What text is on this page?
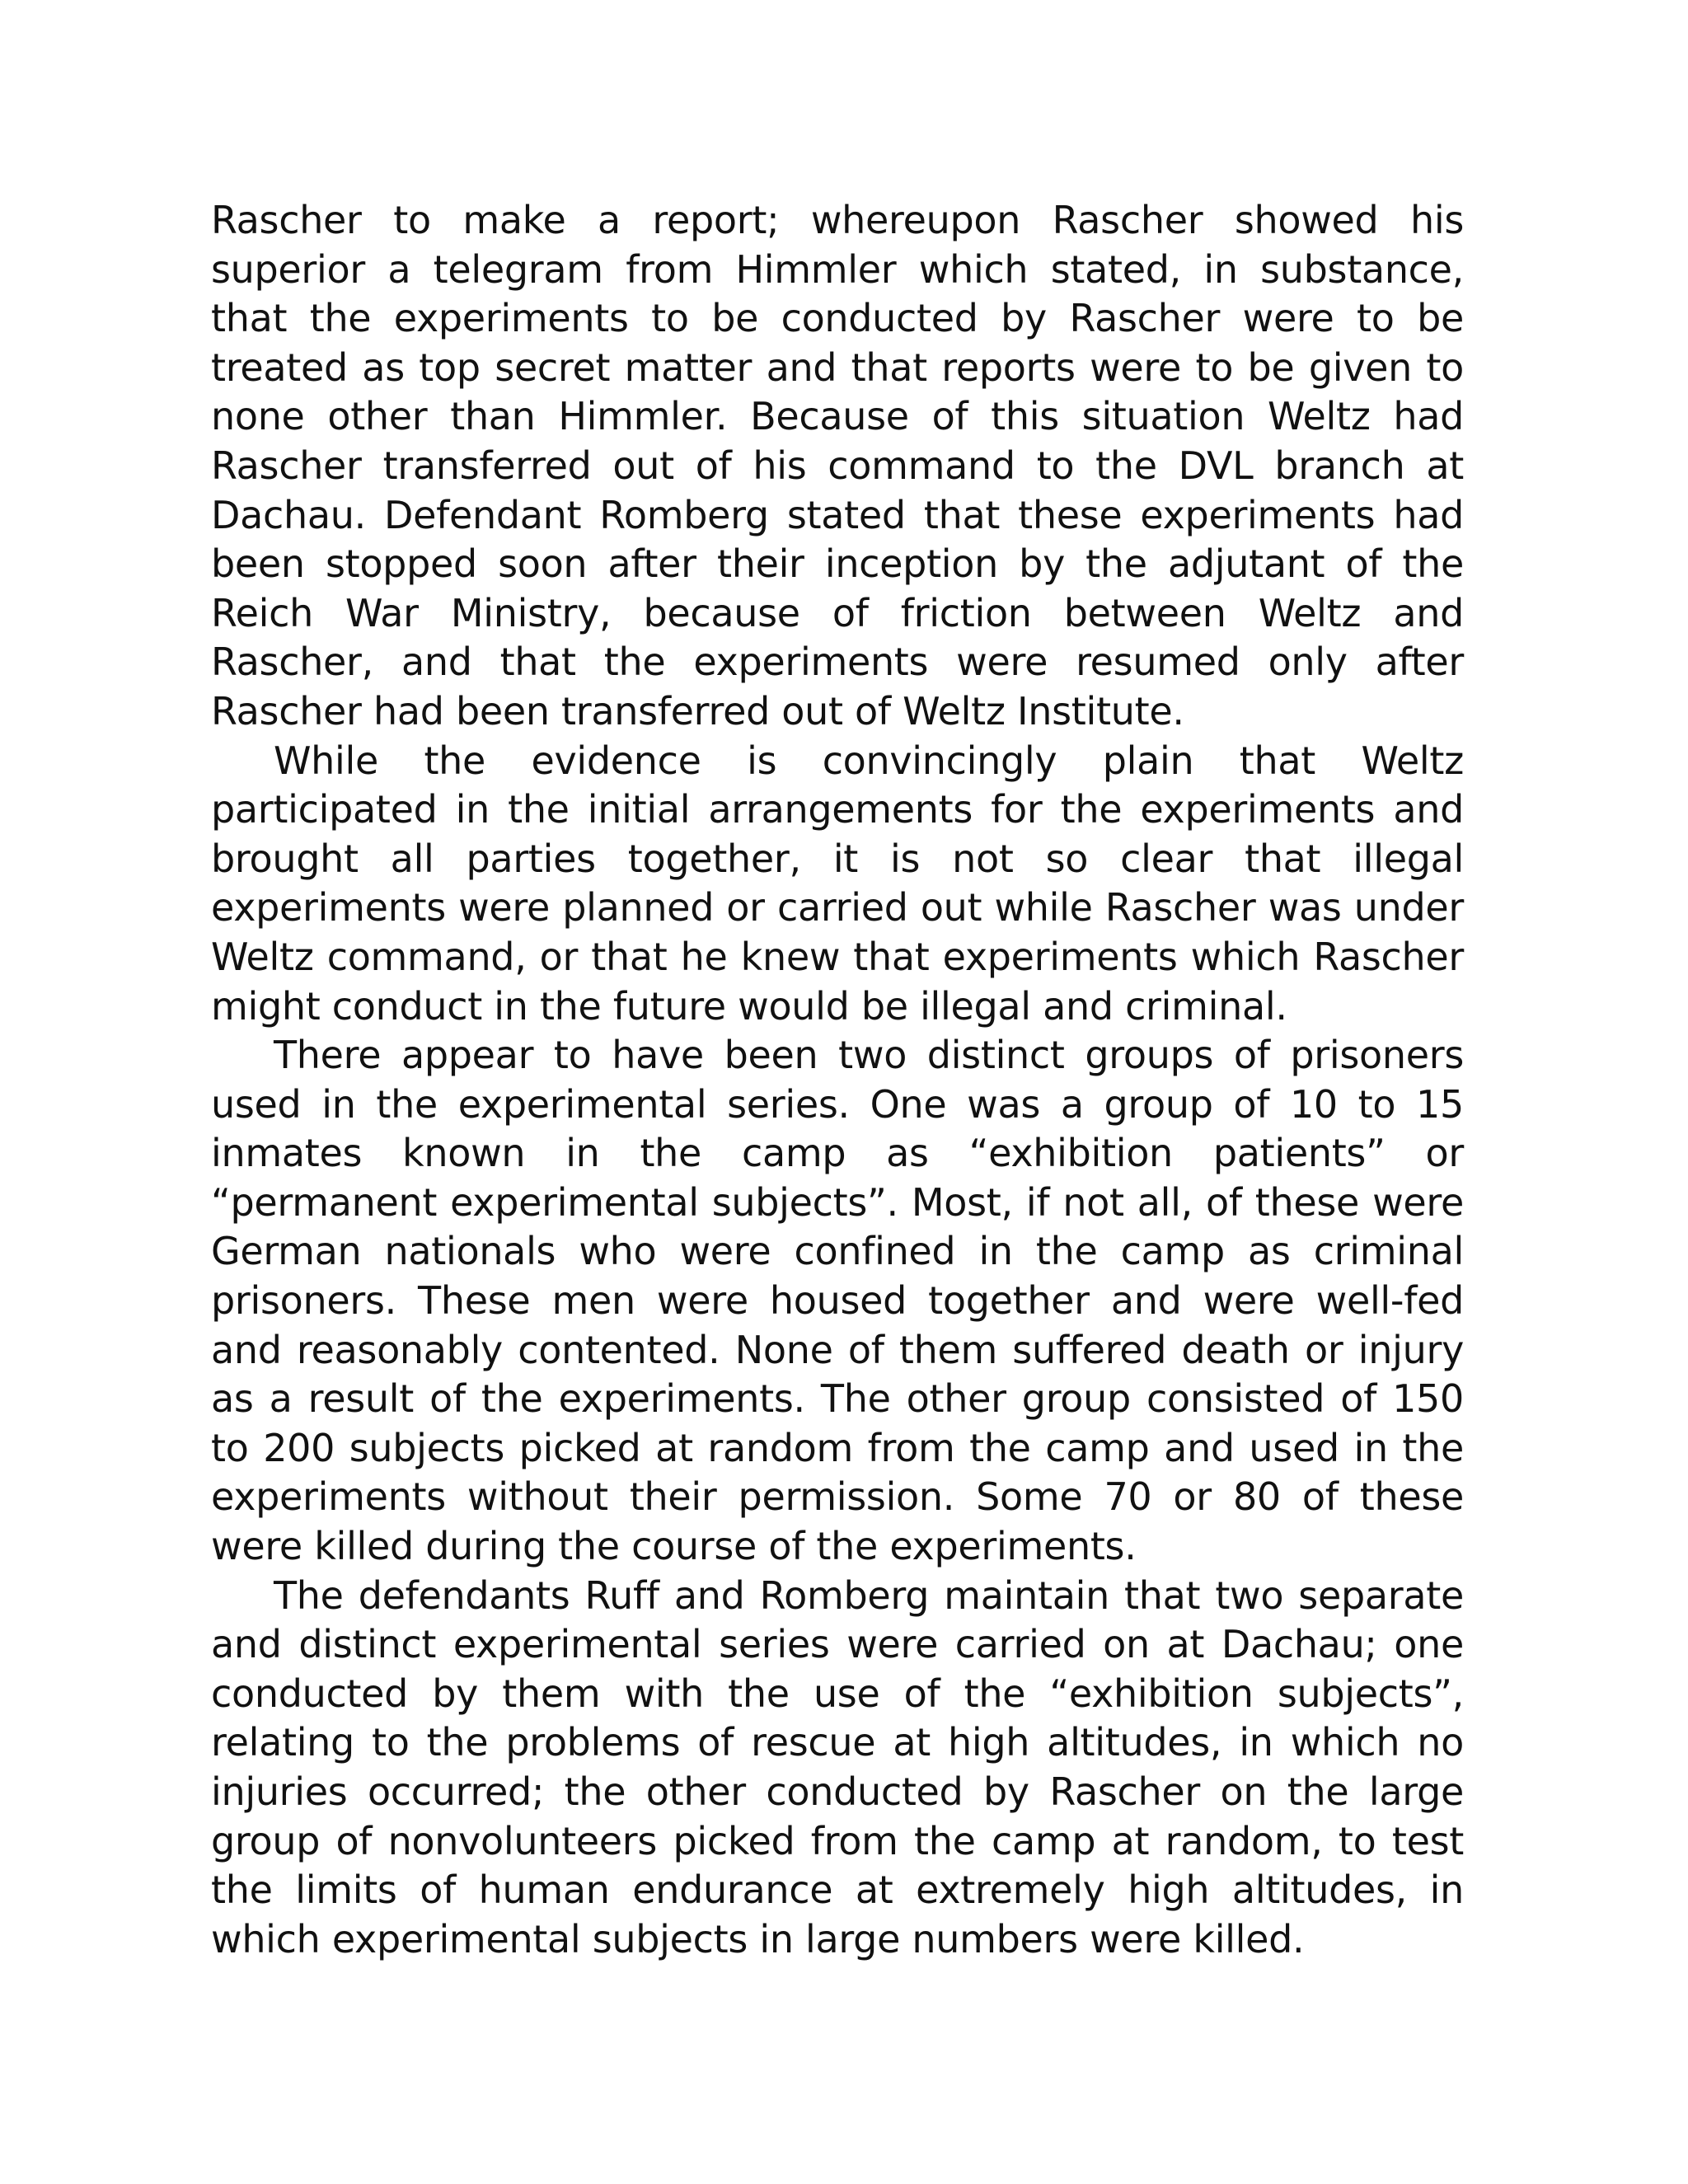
Rascher to make a report; whereupon Rascher showed his superior a telegram from Himmler which stated, in substance, that the experiments to be conducted by Rascher were to be treated as top secret matter and that reports were to be given to none other than Himmler. Because of this situation Weltz had Rascher transferred out of his command to the DVL branch at Dachau. Defendant Romberg stated that these experiments had been stopped soon after their inception by the adjutant of the Reich War Ministry, because of friction between Weltz and Rascher, and that the experiments were resumed only after Rascher had been transferred out of Weltz Institute.

While the evidence is convincingly plain that Weltz participated in the initial arrangements for the experiments and brought all parties together, it is not so clear that illegal experiments were planned or carried out while Rascher was under Weltz command, or that he knew that experiments which Rascher might conduct in the future would be illegal and criminal.

There appear to have been two distinct groups of prisoners used in the experimental series. One was a group of 10 to 15 inmates known in the camp as “exhibition patients” or “permanent experimental subjects”. Most, if not all, of these were German nationals who were confined in the camp as criminal prisoners. These men were housed together and were well-fed and reasonably contented. None of them suffered death or injury as a result of the experiments. The other group consisted of 150 to 200 subjects picked at random from the camp and used in the experiments without their permission. Some 70 or 80 of these were killed during the course of the experiments.

The defendants Ruff and Romberg maintain that two separate and distinct experimental series were carried on at Dachau; one conducted by them with the use of the “exhibition subjects”, relating to the problems of rescue at high altitudes, in which no injuries occurred; the other conducted by Rascher on the large group of nonvolunteers picked from the camp at random, to test the limits of human endurance at extremely high altitudes, in which experimental subjects in large numbers were killed.
